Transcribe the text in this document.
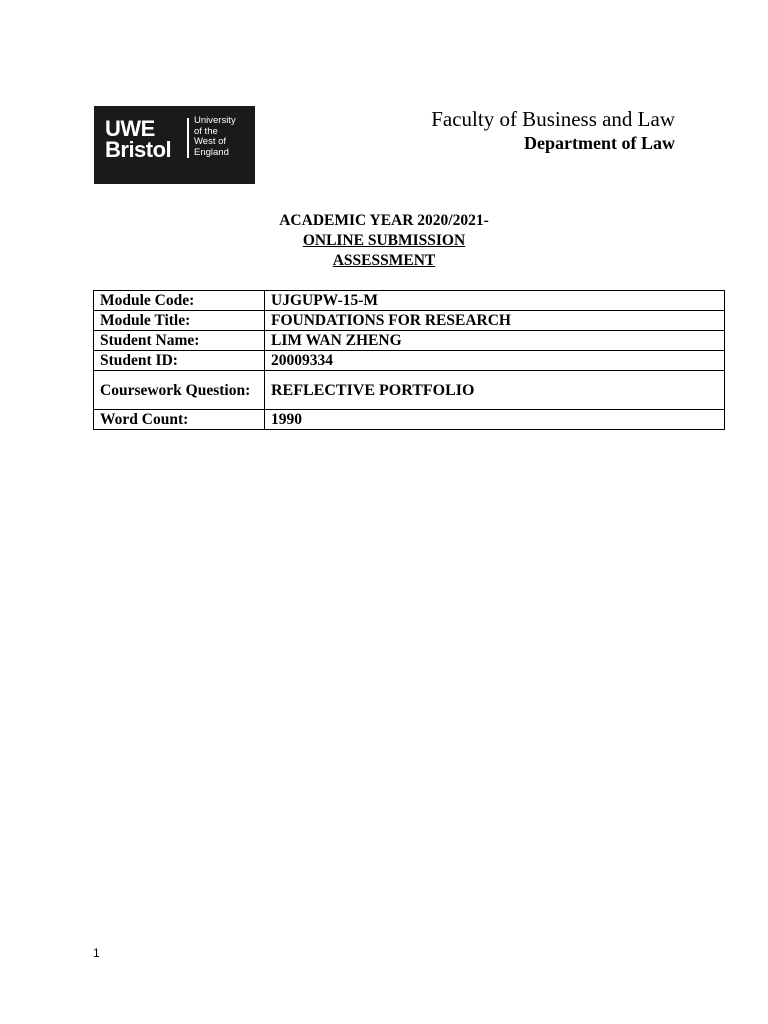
UWE
Bristol
University
of the
West of
England
Faculty of Business and Law
Department of Law
ACADEMIC YEAR 2020/2021-
ONLINE SUBMISSION
ASSESSMENT
Module Code:	UJGUPW-15-M
Module Title:	FOUNDATIONS FOR RESEARCH
Student Name:	LIM WAN ZHENG
Student ID:	20009334
Coursework Question:	REFLECTIVE PORTFOLIO
Word Count:	1990
1
